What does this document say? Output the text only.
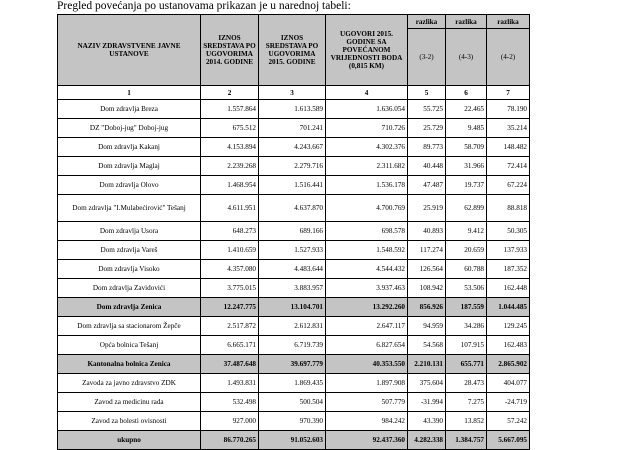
Pregled povećanja po ustanovama prikazan je u narednoj tabeli:
NAZIV ZDRAVSTVENE JAVNE USTANOVE	IZNOS SREDSTAVA PO UGOVORIMA 2014. GODINE	IZNOS SREDSTAVA PO UGOVORIMA 2015. GODINE	UGOVORI 2015. GODINE SA POVEĆANOM VRIJEDNOSTI BODA (0,815 KM)	razlika	razlika	razlika
				(3-2)	(4-3)	(4-2)
1	2	3	4	5	6	7
Dom zdravlja Breza	1.557.864	1.613.589	1.636.054	55.725	22.465	78.190
DZ "Doboj-jug" Doboj-jug	675.512	701.241	710.726	25.729	9.485	35.214
Dom zdravlja Kakanj	4.153.894	4.243.667	4.302.376	89.773	58.709	148.482
Dom zdravlja Maglaj	2.239.268	2.279.716	2.311.682	40.448	31.966	72.414
Dom zdravlja Olovo	1.468.954	1.516.441	1.536.178	47.487	19.737	67.224
Dom zdravlja "I.Mulabećirović" Tešanj	4.611.951	4.637.870	4.700.769	25.919	62.899	88.818
Dom zdravlja Usora	648.273	689.166	698.578	40.893	9.412	50.305
Dom zdravlja Vareš	1.410.659	1.527.933	1.548.592	117.274	20.659	137.933
Dom zdravlja Visoko	4.357.080	4.483.644	4.544.432	126.564	60.788	187.352
Dom zdravlja Zavidovići	3.775.015	3.883.957	3.937.463	108.942	53.506	162.448
Dom zdravlja Zenica	12.247.775	13.104.701	13.292.260	856.926	187.559	1.044.485
Dom zdravlja sa stacionarom Žepče	2.517.872	2.612.831	2.647.117	94.959	34.286	129.245
Opća bolnica Tešanj	6.665.171	6.719.739	6.827.654	54.568	107.915	162.483
Kantonalna bolnica Zenica	37.487.648	39.697.779	40.353.550	2.210.131	655.771	2.865.902
Zavoda za javno zdravstvo ZDK	1.493.831	1.869.435	1.897.908	375.604	28.473	404.077
Zavod za medicinu rada	532.498	500.504	507.779	-31.994	7.275	-24.719
Zavod za bolesti ovisnosti	927.000	970.390	984.242	43.390	13.852	57.242
ukupno	86.770.265	91.052.603	92.437.360	4.282.338	1.384.757	5.667.095
